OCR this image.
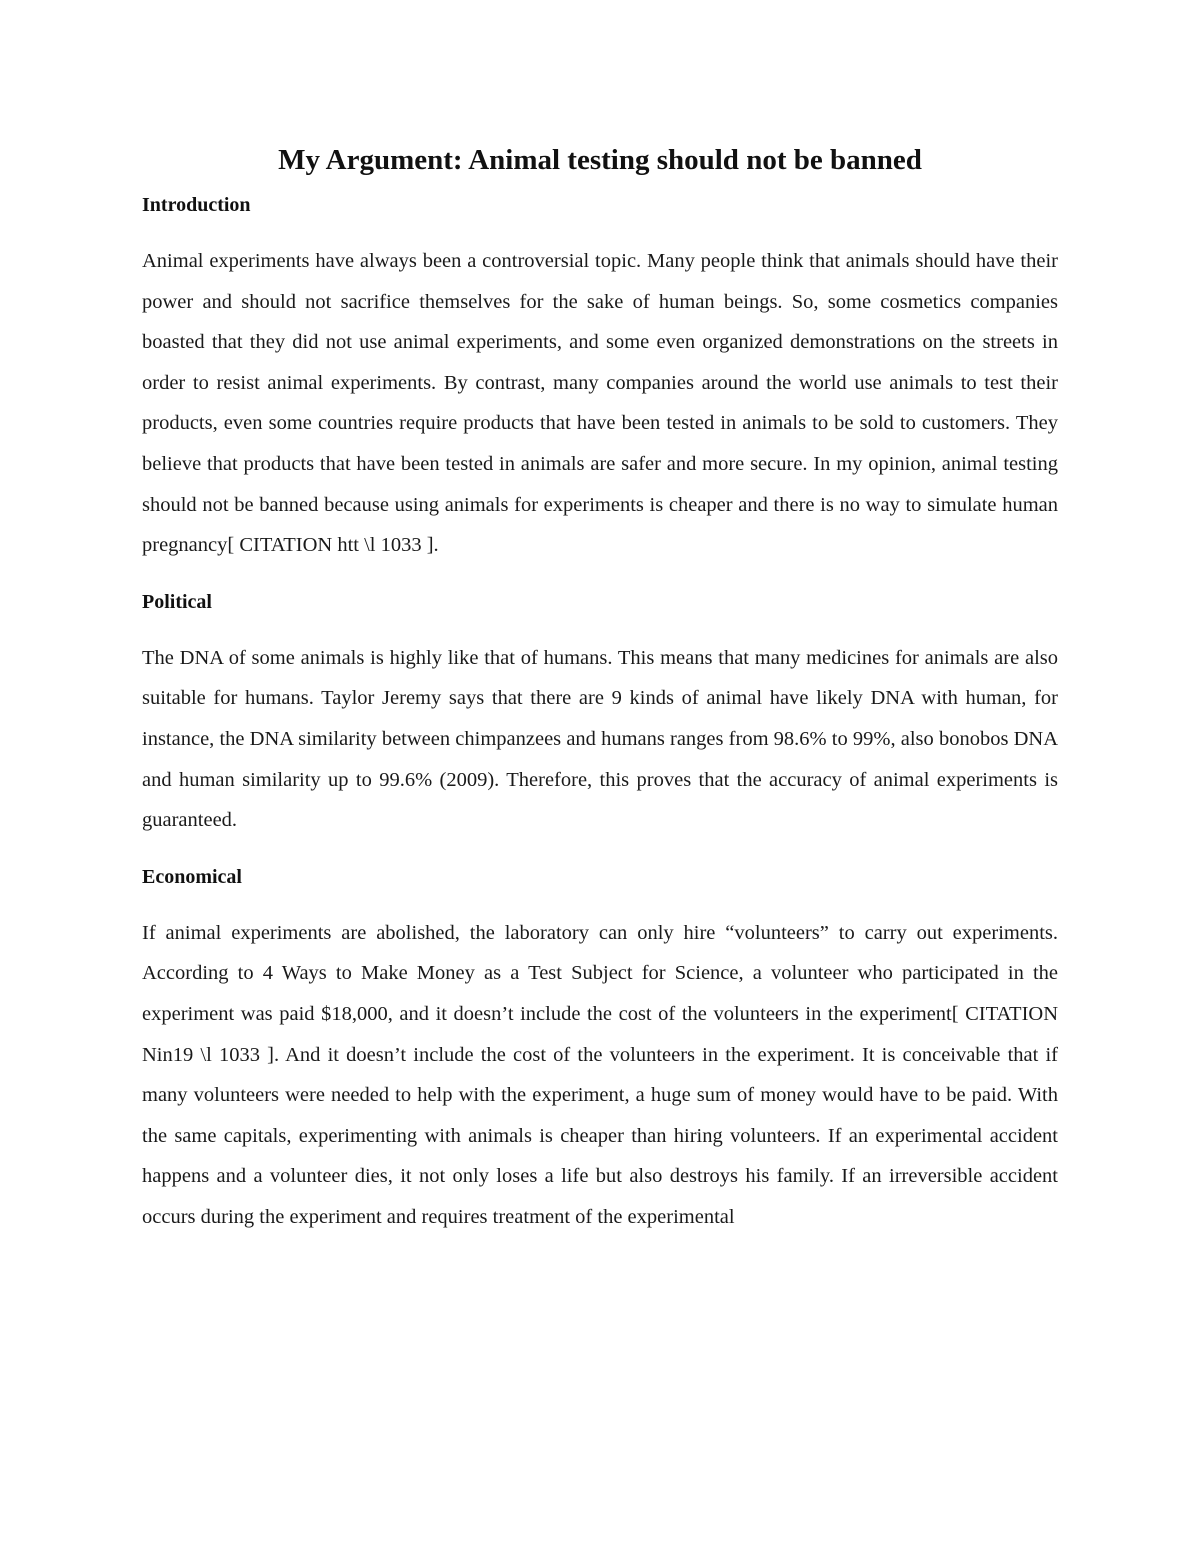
My Argument: Animal testing should not be banned
Introduction

Animal experiments have always been a controversial topic. Many people think that animals should have their power and should not sacrifice themselves for the sake of human beings. So, some cosmetics companies boasted that they did not use animal experiments, and some even organized demonstrations on the streets in order to resist animal experiments. By contrast, many companies around the world use animals to test their products, even some countries require products that have been tested in animals to be sold to customers. They believe that products that have been tested in animals are safer and more secure. In my opinion, animal testing should not be banned because using animals for experiments is cheaper and there is no way to simulate human pregnancy[ CITATION htt \l 1033 ].

Political

The DNA of some animals is highly like that of humans. This means that many medicines for animals are also suitable for humans. Taylor Jeremy says that there are 9 kinds of animal have likely DNA with human, for instance, the DNA similarity between chimpanzees and humans ranges from 98.6% to 99%, also bonobos DNA and human similarity up to 99.6% (2009). Therefore, this proves that the accuracy of animal experiments is guaranteed.

Economical

If animal experiments are abolished, the laboratory can only hire “volunteers” to carry out experiments. According to 4 Ways to Make Money as a Test Subject for Science, a volunteer who participated in the experiment was paid $18,000, and it doesn’t include the cost of the volunteers in the experiment[ CITATION Nin19 \l 1033 ]. And it doesn’t include the cost of the volunteers in the experiment. It is conceivable that if many volunteers were needed to help with the experiment, a huge sum of money would have to be paid. With the same capitals, experimenting with animals is cheaper than hiring volunteers. If an experimental accident happens and a volunteer dies, it not only loses a life but also destroys his family. If an irreversible accident occurs during the experiment and requires treatment of the experimental
